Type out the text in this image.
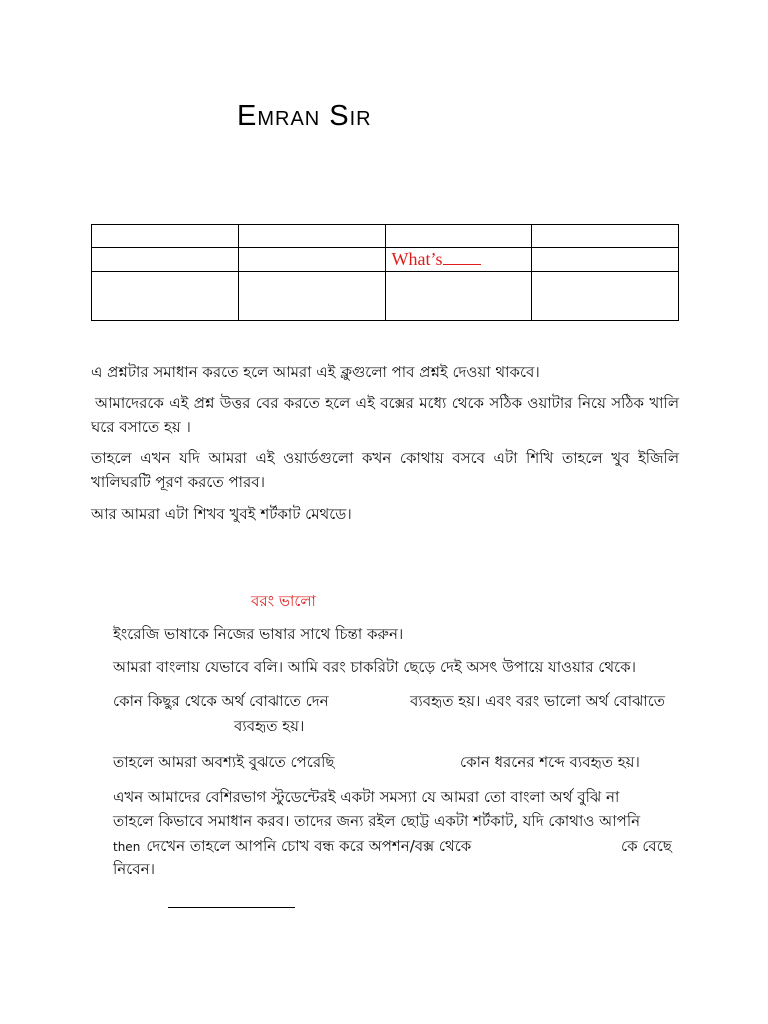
Emran Sir

		What’s	

এ প্রশ্নটার সমাধান করতে হলে আমরা এই ক্লুগুলো পাব প্রশ্নই দেওয়া থাকবে।
আমাদেরকে এই প্রশ্ন উত্তর বের করতে হলে এই বক্সের মধ্যে থেকে সঠিক ওয়াটার নিয়ে সঠিক খালি ঘরে বসাতে হয় ।
তাহলে এখন যদি আমরা এই ওয়ার্ডগুলো কখন কোথায় বসবে এটা শিখি তাহলে খুব ইজিলি খালিঘরটি পূরণ করতে পারব।
আর আমরা এটা শিখব খুবই শর্টকাট মেথডে।
বরং ভালো
ইংরেজি ভাষাকে নিজের ভাষার সাথে চিন্তা করুন।
আমরা বাংলায় যেভাবে বলি। আমি বরং চাকরিটা ছেড়ে দেই অসৎ উপায়ে যাওয়ার থেকে।
কোন কিছুর থেকে অর্থ বোঝাতে দেন	ব্যবহৃত হয়। এবং বরং ভালো অর্থ বোঝাতে
ব্যবহৃত হয়।
তাহলে আমরা অবশ্যই বুঝতে পেরেছি	কোন ধরনের শব্দে ব্যবহৃত হয়।
এখন আমাদের বেশিরভাগ স্টুডেন্টেরই একটা সমস্যা যে আমরা তো বাংলা অর্থ বুঝি না
তাহলে কিভাবে সমাধান করব। তাদের জন্য রইল ছোট্ট একটা শর্টকাট, যদি কোথাও আপনি
then দেখেন তাহলে আপনি চোখ বন্ধ করে অপশন/বক্স থেকে	কে বেছে
নিবেন।
